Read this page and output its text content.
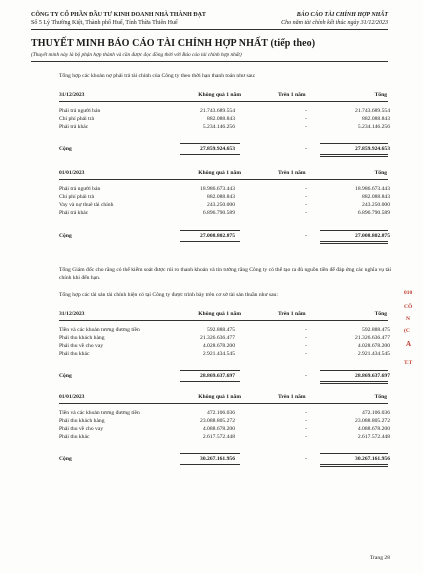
CÔNG TY CỔ PHẦN ĐẦU TƯ KINH DOANH NHÀ THÀNH ĐẠT
Số 5 Lý Thường Kiệt, Thành phố Huế, Tỉnh Thừa Thiên Huế
BÁO CÁO TÀI CHÍNH HỢP NHẤT
Cho năm tài chính kết thúc ngày 31/12/2023
THUYẾT MINH BÁO CÁO TÀI CHÍNH HỢP NHẤT (tiếp theo)
(Thuyết minh này là bộ phận hợp thành và cần được đọc đồng thời với Báo cáo tài chính hợp nhất)
Tổng hợp các khoản nợ phải trả tài chính của Công ty theo thời hạn thanh toán như sau:
31/12/2023	Không quá 1 năm	Trên 1 năm	Tổng
Phải trả người bán	21.743.689.554	-	21.743.689.554
Chi phí phải trả	882.088.843	-	882.088.843
Phải trả khác	5.234.146.256	-	5.234.146.256
Cộng	27.859.924.653	-	27.859.924.653
01/01/2023	Không quá 1 năm	Trên 1 năm	Tổng
Phải trả người bán	18.986.673.443	-	18.986.673.443
Chi phí phải trả	882.088.843	-	882.088.843
Vay và nợ thuê tài chính	243.250.000	-	243.250.000
Phải trả khác	6.896.790.589	-	6.896.790.589
Cộng	27.008.802.875	-	27.008.802.875
Tổng Giám đốc cho rằng có thể kiểm soát được rủi ro thanh khoản và tin tưởng rằng Công ty có thể tạo ra đủ nguồn tiền để đáp ứng các nghĩa vụ tài chính khi đến hạn.
Tổng hợp các tài sản tài chính hiện có tại Công ty được trình bày trên cơ sở tài sản thuần như sau:
31/12/2023	Không quá 1 năm	Trên 1 năm	Tổng
Tiền và các khoản tương đương tiền	592.888.475	-	592.888.475
Phải thu khách hàng	21.326.636.477	-	21.326.636.477
Phải thu về cho vay	4.028.678.200	-	4.028.678.200
Phải thu khác	2.921.434.545	-	2.921.434.545
Cộng	28.869.637.697	-	28.869.637.697
01/01/2023	Không quá 1 năm	Trên 1 năm	Tổng
Tiền và các khoản tương đương tiền	472.106.036	-	472.106.036
Phải thu khách hàng	23.088.805.272	-	23.088.805.272
Phải thu về cho vay	4.088.678.200	-	4.088.678.200
Phải thu khác	2.617.572.448	-	2.617.572.448
Cộng	30.267.161.956	-	30.267.161.956
010
CÔ
N
(C
A
T.T
Trang 28
